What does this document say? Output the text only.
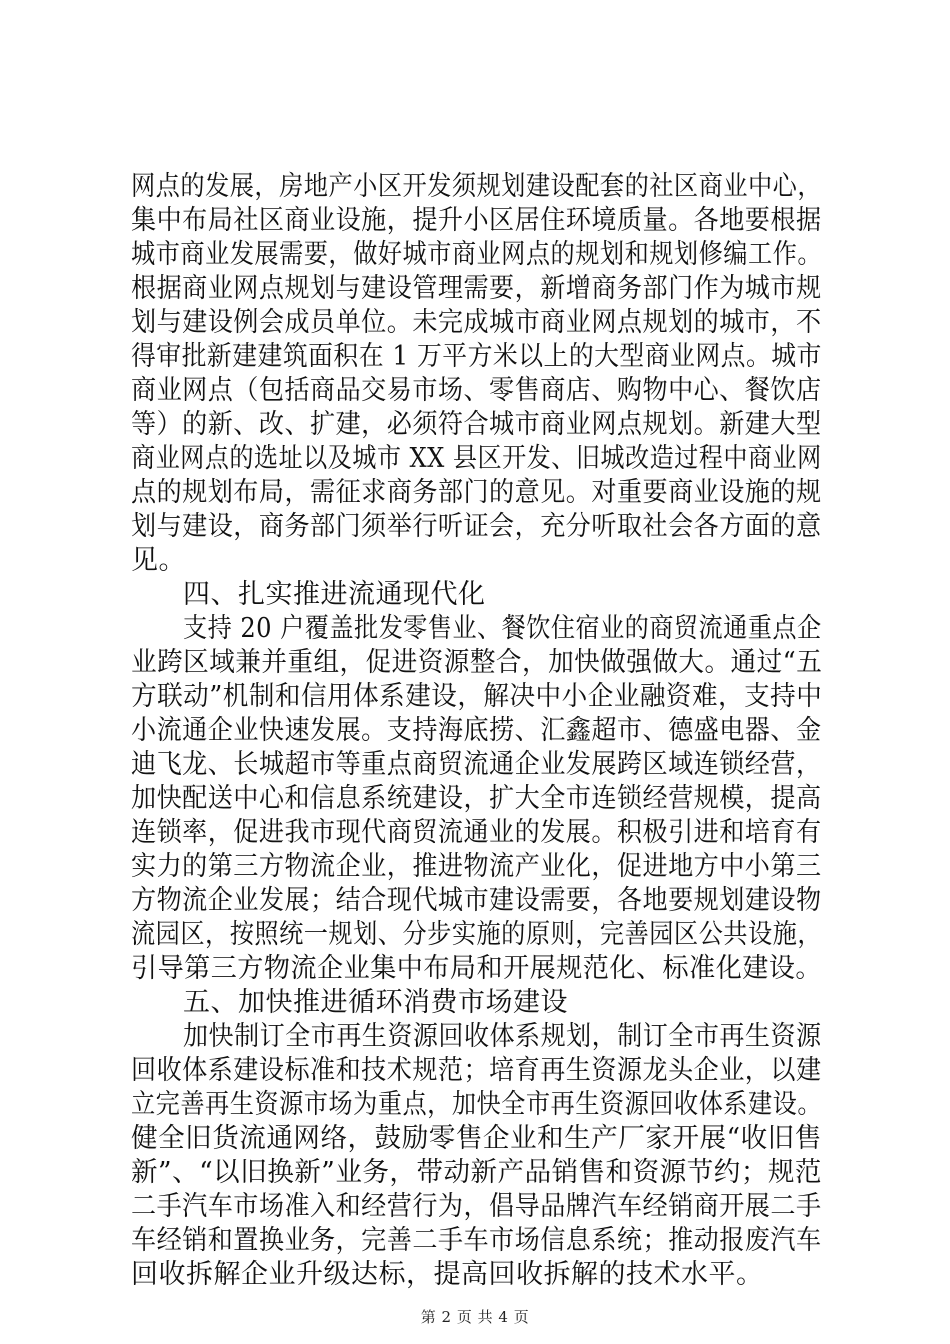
网点的发展，房地产小区开发须规划建设配套的社区商业中心，
集中布局社区商业设施，提升小区居住环境质量。各地要根据
城市商业发展需要，做好城市商业网点的规划和规划修编工作。
根据商业网点规划与建设管理需要，新增商务部门作为城市规
划与建设例会成员单位。未完成城市商业网点规划的城市，不
得审批新建建筑面积在 1 万平方米以上的大型商业网点。城市
商业网点（包括商品交易市场、零售商店、购物中心、餐饮店
等）的新、改、扩建，必须符合城市商业网点规划。新建大型
商业网点的选址以及城市 XX 县区开发、旧城改造过程中商业网
点的规划布局，需征求商务部门的意见。对重要商业设施的规
划与建设，商务部门须举行听证会，充分听取社会各方面的意
见。
四、扎实推进流通现代化
支持 20 户覆盖批发零售业、餐饮住宿业的商贸流通重点企
业跨区域兼并重组，促进资源整合，加快做强做大。通过“五
方联动”机制和信用体系建设，解决中小企业融资难，支持中
小流通企业快速发展。支持海底捞、汇鑫超市、德盛电器、金
迪飞龙、长城超市等重点商贸流通企业发展跨区域连锁经营，
加快配送中心和信息系统建设，扩大全市连锁经营规模，提高
连锁率，促进我市现代商贸流通业的发展。积极引进和培育有
实力的第三方物流企业，推进物流产业化，促进地方中小第三
方物流企业发展；结合现代城市建设需要，各地要规划建设物
流园区，按照统一规划、分步实施的原则，完善园区公共设施，
引导第三方物流企业集中布局和开展规范化、标准化建设。
五、加快推进循环消费市场建设
加快制订全市再生资源回收体系规划，制订全市再生资源
回收体系建设标准和技术规范；培育再生资源龙头企业，以建
立完善再生资源市场为重点，加快全市再生资源回收体系建设。
健全旧货流通网络，鼓励零售企业和生产厂家开展“收旧售
新”、“以旧换新”业务，带动新产品销售和资源节约；规范
二手汽车市场准入和经营行为，倡导品牌汽车经销商开展二手
车经销和置换业务，完善二手车市场信息系统；推动报废汽车
回收拆解企业升级达标，提高回收拆解的技术水平。
第 2 页 共 4 页
